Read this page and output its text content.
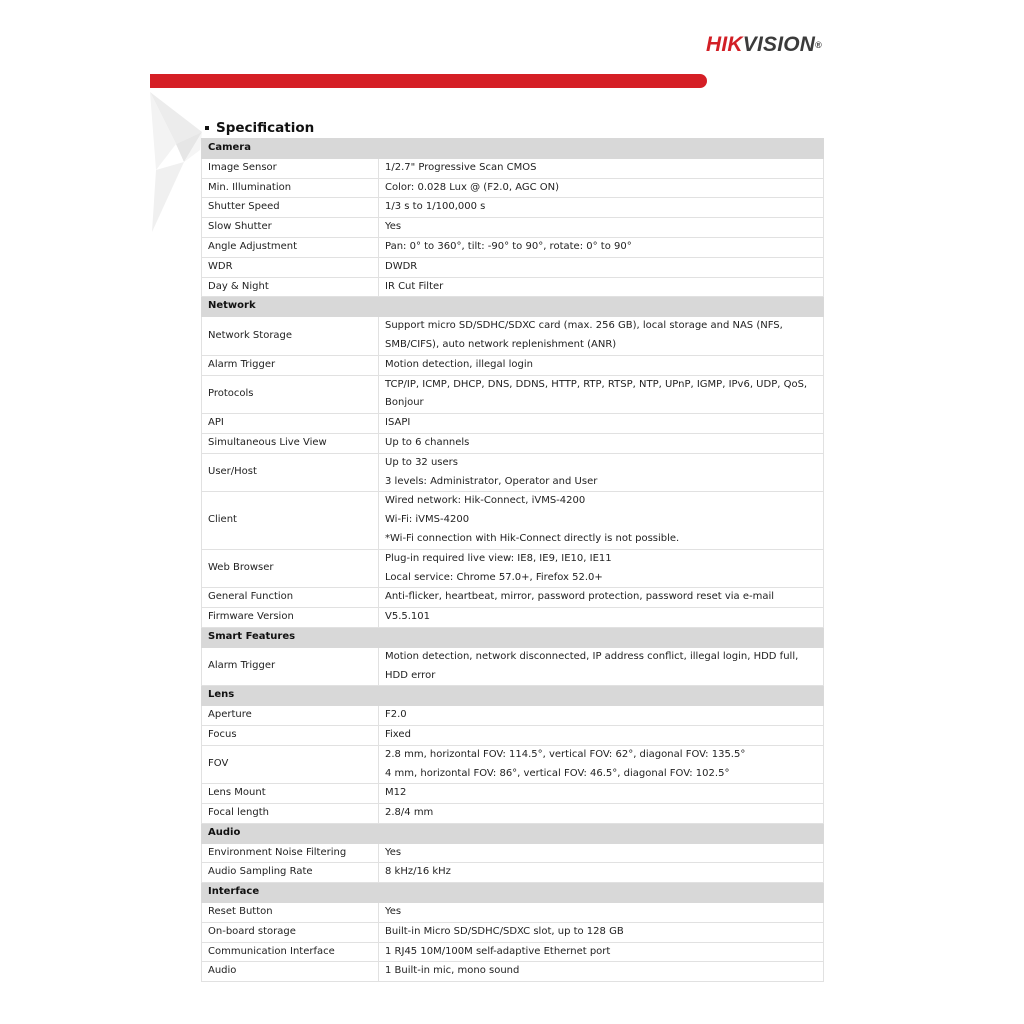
HIKVISION®
Specification
Camera	
Image Sensor	1/2.7" Progressive Scan CMOS

Min. Illumination	Color: 0.028 Lux @ (F2.0, AGC ON)

Shutter Speed	1/3 s to 1/100,000 s

Slow Shutter	Yes

Angle Adjustment	Pan: 0° to 360°, tilt: -90° to 90°, rotate: 0° to 90°

WDR	DWDR

Day & Night	IR Cut Filter

Network	
Network Storage	Support micro SD/SDHC/SDXC card (max. 256 GB), local storage and NAS (NFS,
SMB/CIFS), auto network replenishment (ANR)

Alarm Trigger	Motion detection, illegal login

Protocols	TCP/IP, ICMP, DHCP, DNS, DDNS, HTTP, RTP, RTSP, NTP, UPnP, IGMP, IPv6, UDP, QoS,
Bonjour

API	ISAPI

Simultaneous Live View	Up to 6 channels

User/Host	Up to 32 users
3 levels: Administrator, Operator and User

Client	Wired network: Hik-Connect, iVMS-4200
Wi-Fi: iVMS-4200
*Wi-Fi connection with Hik-Connect directly is not possible.

Web Browser	Plug-in required live view: IE8, IE9, IE10, IE11
Local service: Chrome 57.0+, Firefox 52.0+

General Function	Anti-flicker, heartbeat, mirror, password protection, password reset via e-mail

Firmware Version	V5.5.101

Smart Features	
Alarm Trigger	Motion detection, network disconnected, IP address conflict, illegal login, HDD full,
HDD error

Lens	
Aperture	F2.0

Focus	Fixed

FOV	2.8 mm, horizontal FOV: 114.5°, vertical FOV: 62°, diagonal FOV: 135.5°
4 mm, horizontal FOV: 86°, vertical FOV: 46.5°, diagonal FOV: 102.5°

Lens Mount	M12

Focal length	2.8/4 mm

Audio	
Environment Noise Filtering	Yes

Audio Sampling Rate	8 kHz/16 kHz

Interface	
Reset Button	Yes

On-board storage	Built-in Micro SD/SDHC/SDXC slot, up to 128 GB

Communication Interface	1 RJ45 10M/100M self-adaptive Ethernet port

Audio	1 Built-in mic, mono sound
